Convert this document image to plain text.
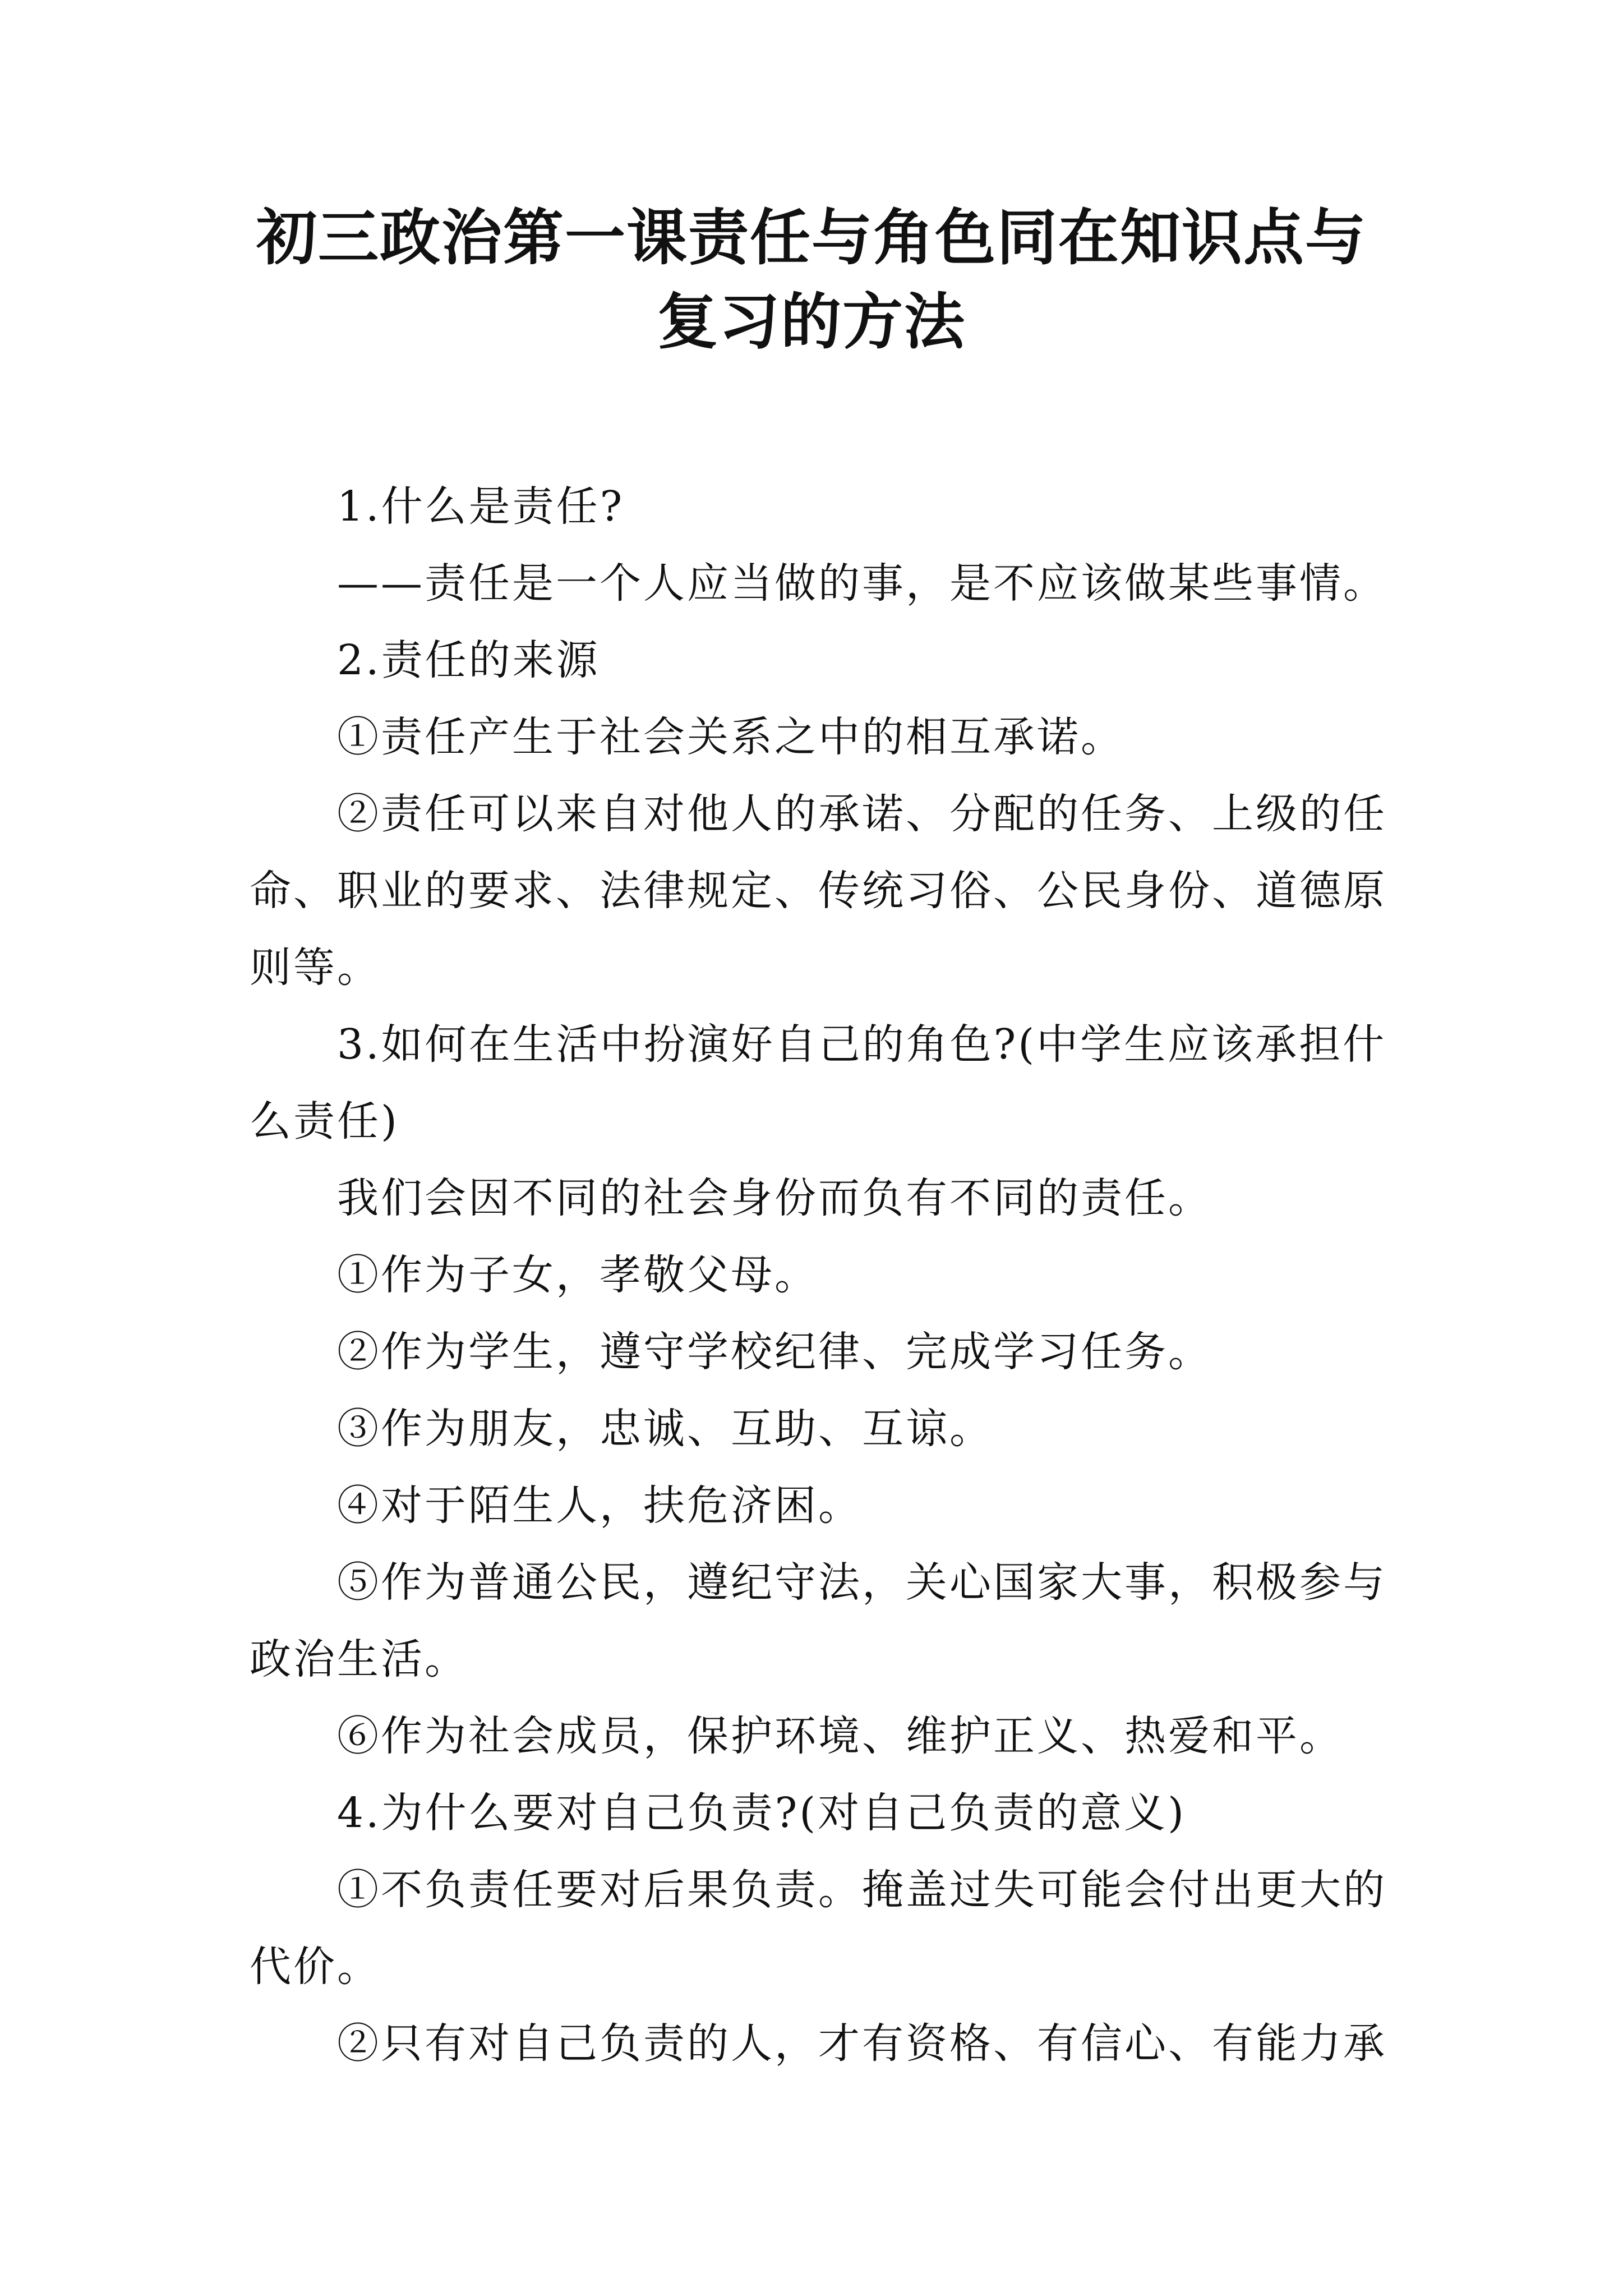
初三政治第一课责任与角色同在知识点与
复习的方法

1.什么是责任?

——责任是一个人应当做的事，是不应该做某些事情。

2.责任的来源

①责任产生于社会关系之中的相互承诺。

②责任可以来自对他人的承诺、分配的任务、上级的任命、职业的要求、法律规定、传统习俗、公民身份、道德原则等。

3.如何在生活中扮演好自己的角色?(中学生应该承担什么责任)

我们会因不同的社会身份而负有不同的责任。

①作为子女，孝敬父母。

②作为学生，遵守学校纪律、完成学习任务。

③作为朋友，忠诚、互助、互谅。

④对于陌生人，扶危济困。

⑤作为普通公民，遵纪守法，关心国家大事，积极参与政治生活。

⑥作为社会成员，保护环境、维护正义、热爱和平。

4.为什么要对自己负责?(对自己负责的意义)

①不负责任要对后果负责。掩盖过失可能会付出更大的代价。

②只有对自己负责的人，才有资格、有信心、有能力承
